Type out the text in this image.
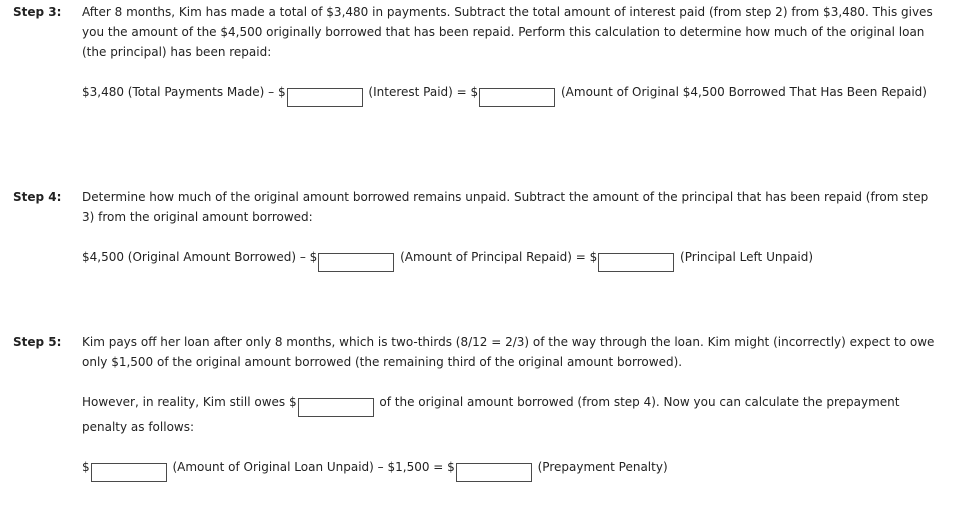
Step 3: After 8 months, Kim has made a total of $3,480 in payments. Subtract the total amount of interest paid (from step 2) from $3,480. This gives you the amount of the $4,500 originally borrowed that has been repaid. Perform this calculation to determine how much of the original loan (the principal) has been repaid:

$3,480 (Total Payments Made) – $	(Interest Paid) = $	(Amount of Original $4,500 Borrowed That Has Been Repaid)
Step 4: Determine how much of the original amount borrowed remains unpaid. Subtract the amount of the principal that has been repaid (from step 3) from the original amount borrowed:

$4,500 (Original Amount Borrowed) – $	(Amount of Principal Repaid) = $	(Principal Left Unpaid)
Step 5: Kim pays off her loan after only 8 months, which is two-thirds (8/12 = 2/3) of the way through the loan. Kim might (incorrectly) expect to owe only $1,500 of the original amount borrowed (the remaining third of the original amount borrowed).

However, in reality, Kim still owes $	of the original amount borrowed (from step 4). Now you can calculate the prepayment penalty as follows:
$	(Amount of Original Loan Unpaid) – $1,500 = $	(Prepayment Penalty)
